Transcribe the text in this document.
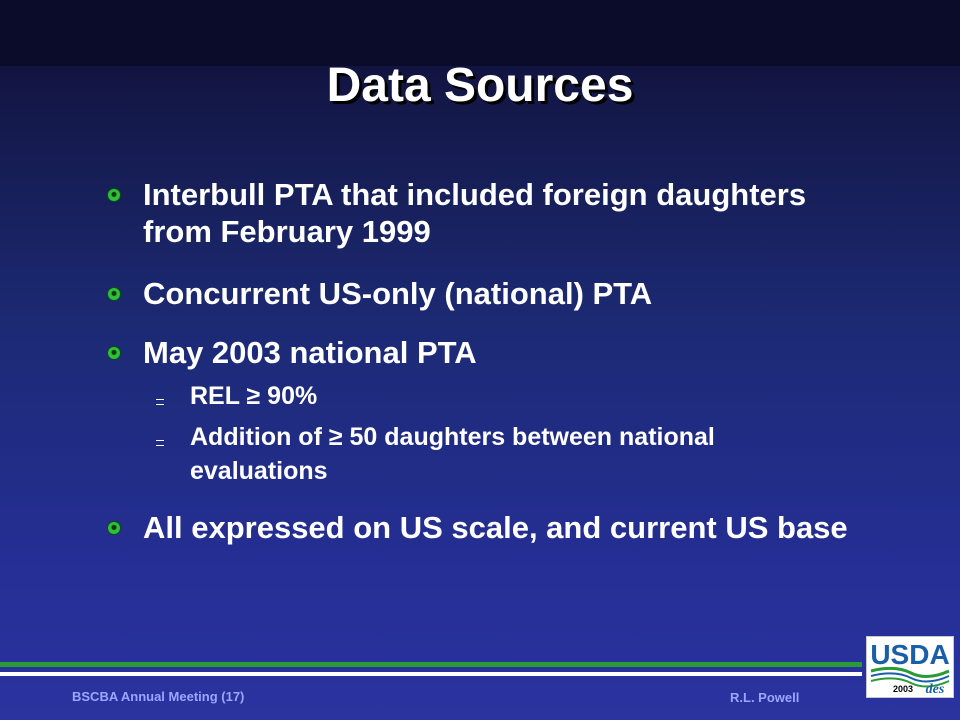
Data Sources
Interbull PTA that included foreign daughters from February 1999
Concurrent US-only (national) PTA
May 2003 national PTA
REL ≥ 90%
Addition of ≥ 50 daughters between national evaluations
All expressed on US scale, and current US base
BSCBA Annual Meeting (17)	R.L. Powell
USDA
2003 des
